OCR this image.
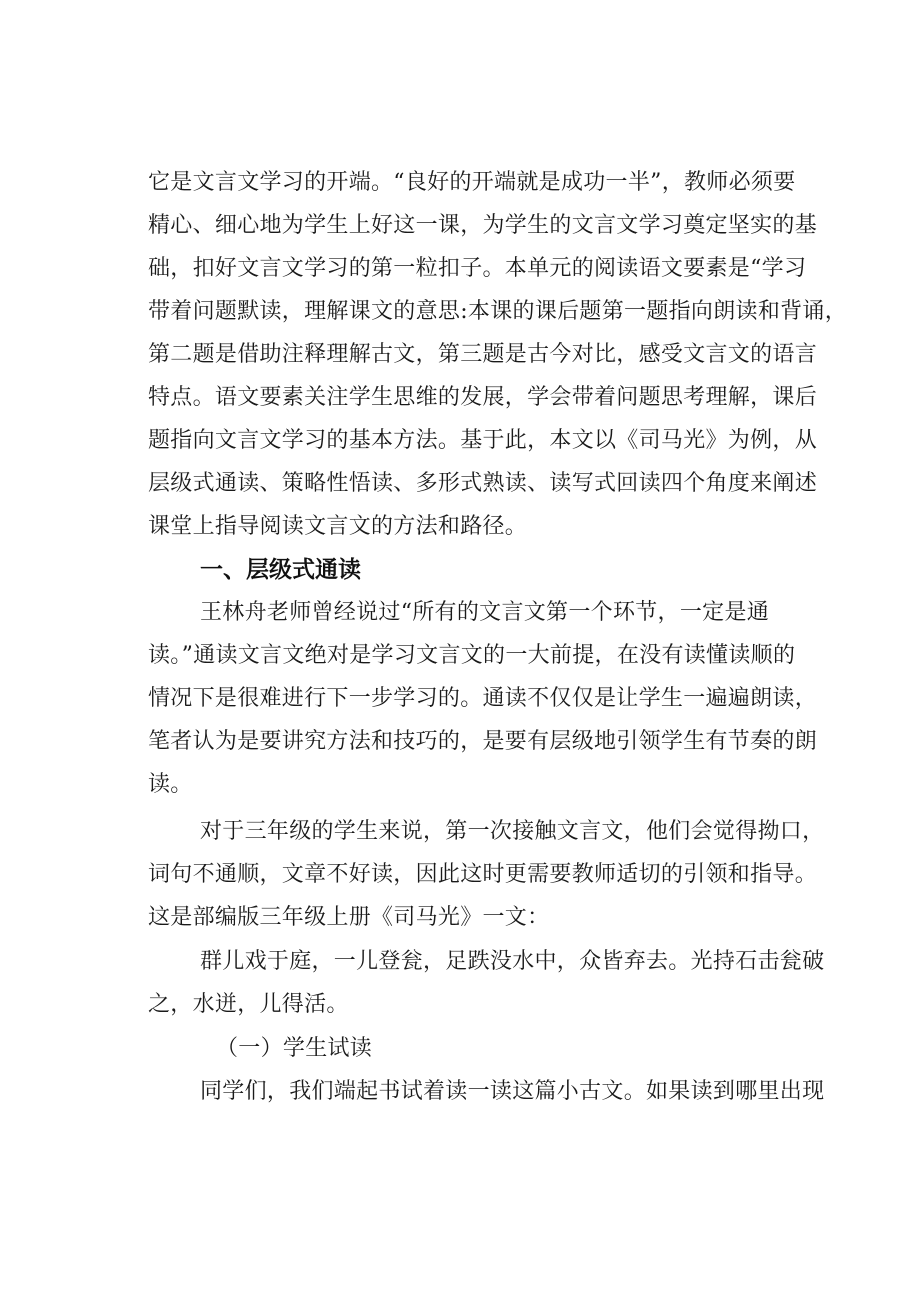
它是文言文学习的开端。“良好的开端就是成功一半”，教师必须要
精心、细心地为学生上好这一课，为学生的文言文学习奠定坚实的基
础，扣好文言文学习的第一粒扣子。本单元的阅读语文要素是“学习
带着问题默读，理解课文的意思:本课的课后题第一题指向朗读和背诵，
第二题是借助注释理解古文，第三题是古今对比，感受文言文的语言
特点。语文要素关注学生思维的发展，学会带着问题思考理解，课后
题指向文言文学习的基本方法。基于此，本文以《司马光》为例，从
层级式通读、策略性悟读、多形式熟读、读写式回读四个角度来阐述
课堂上指导阅读文言文的方法和路径。
一、层级式通读
王林舟老师曾经说过“所有的文言文第一个环节，一定是通
读。”通读文言文绝对是学习文言文的一大前提，在没有读懂读顺的
情况下是很难进行下一步学习的。通读不仅仅是让学生一遍遍朗读，
笔者认为是要讲究方法和技巧的，是要有层级地引领学生有节奏的朗
读。
对于三年级的学生来说，第一次接触文言文，他们会觉得拗口，
词句不通顺，文章不好读，因此这时更需要教师适切的引领和指导。
这是部编版三年级上册《司马光》一文：
群儿戏于庭，一儿登瓮，足跌没水中，众皆弃去。光持石击瓮破
之，水迸，儿得活。
（一）学生试读
同学们，我们端起书试着读一读这篇小古文。如果读到哪里出现
